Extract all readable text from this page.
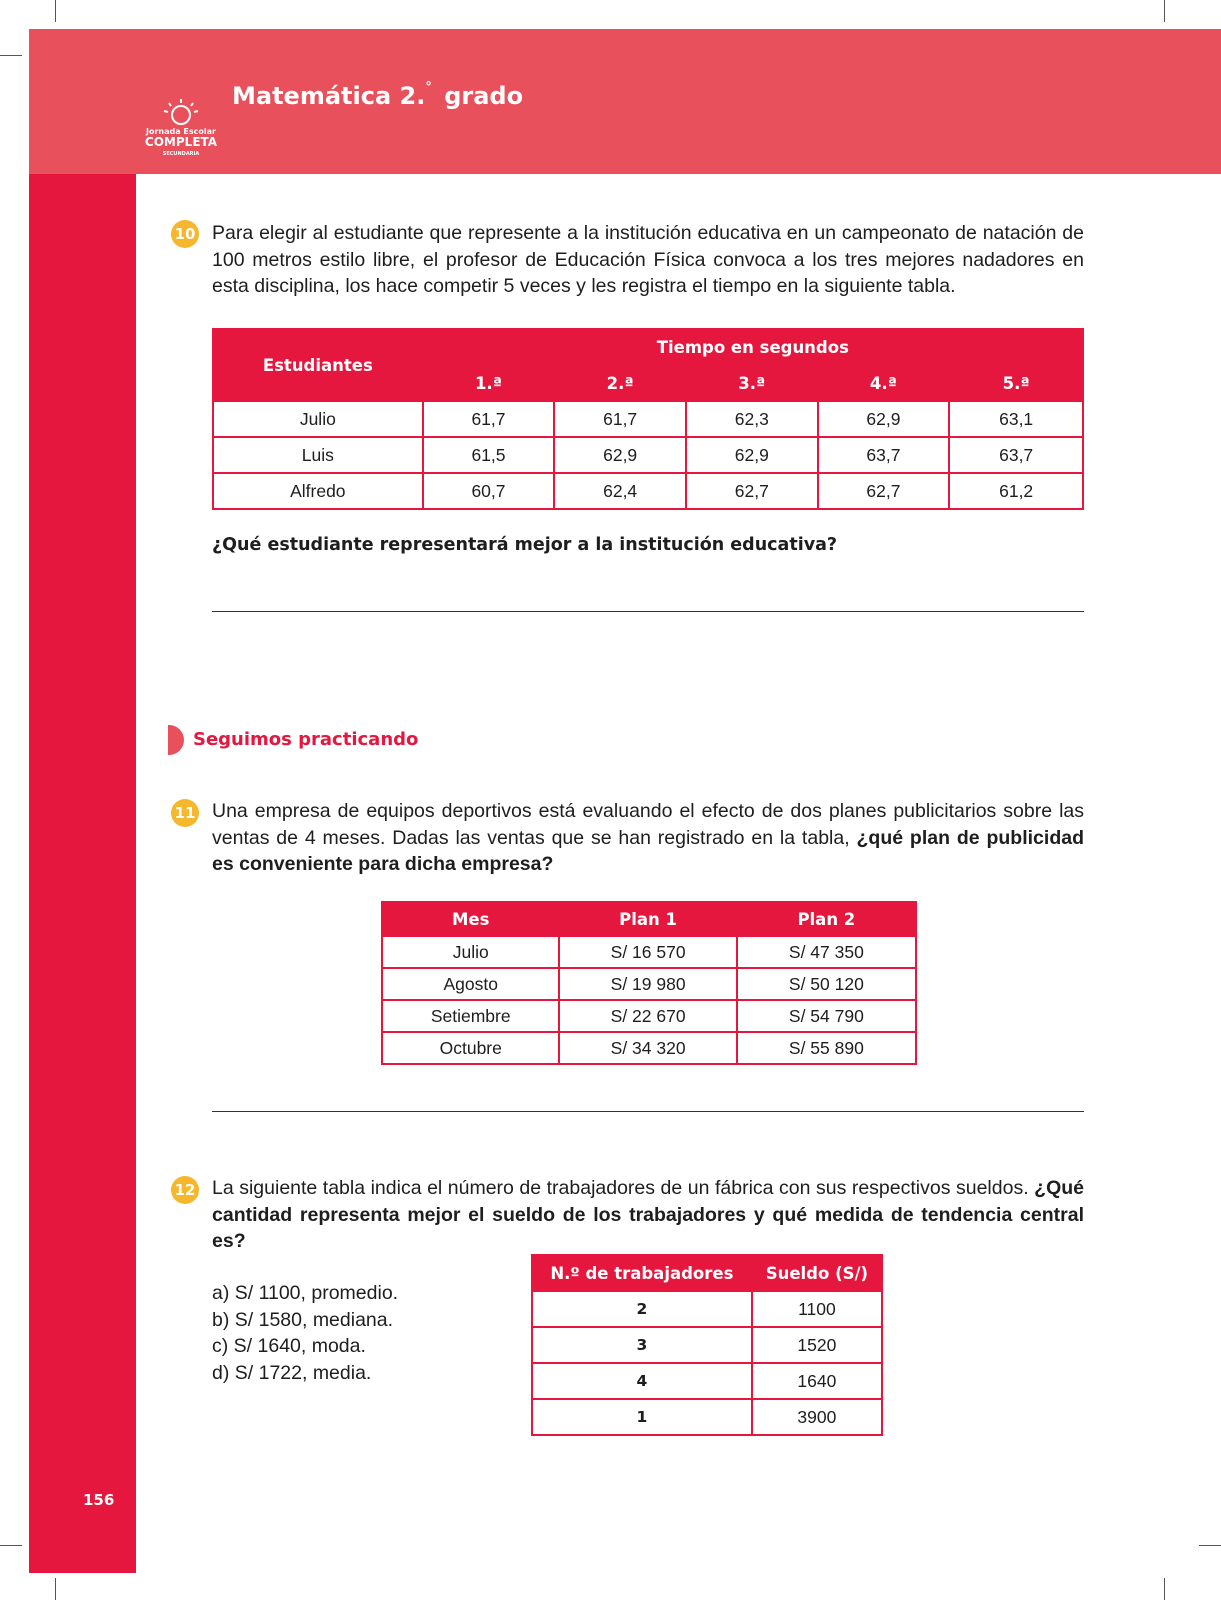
Jornada Escolar
COMPLETA
SECUNDARIA
Matemática 2.° grado
156
10 Para elegir al estudiante que represente a la institución educativa en un campeonato de natación de 100 metros estilo libre, el profesor de Educación Física convoca a los tres mejores nadadores en esta disciplina, los hace competir 5 veces y les registra el tiempo en la siguiente tabla.
Estudiantes	Tiempo en segundos				
	1.ª	2.ª	3.ª	4.ª	5.ª
Julio	61,7	61,7	62,3	62,9	63,1
Luis	61,5	62,9	62,9	63,7	63,7
Alfredo	60,7	62,4	62,7	62,7	61,2
¿Qué estudiante representará mejor a la institución educativa?
Seguimos practicando
11 Una empresa de equipos deportivos está evaluando el efecto de dos planes publicitarios sobre las ventas de 4 meses. Dadas las ventas que se han registrado en la tabla, ¿qué plan de publicidad es conveniente para dicha empresa?
Mes	Plan 1	Plan 2
Julio	S/ 16 570	S/ 47 350
Agosto	S/ 19 980	S/ 50 120
Setiembre	S/ 22 670	S/ 54 790
Octubre	S/ 34 320	S/ 55 890
12 La siguiente tabla indica el número de trabajadores de un fábrica con sus respectivos sueldos. ¿Qué cantidad representa mejor el sueldo de los trabajadores y qué medida de tendencia central es?
a) S/ 1100, promedio.
b) S/ 1580, mediana.
c) S/ 1640, moda.
d) S/ 1722, media.
N.º de trabajadores	Sueldo (S/)
2	1100
3	1520
4	1640
1	3900
